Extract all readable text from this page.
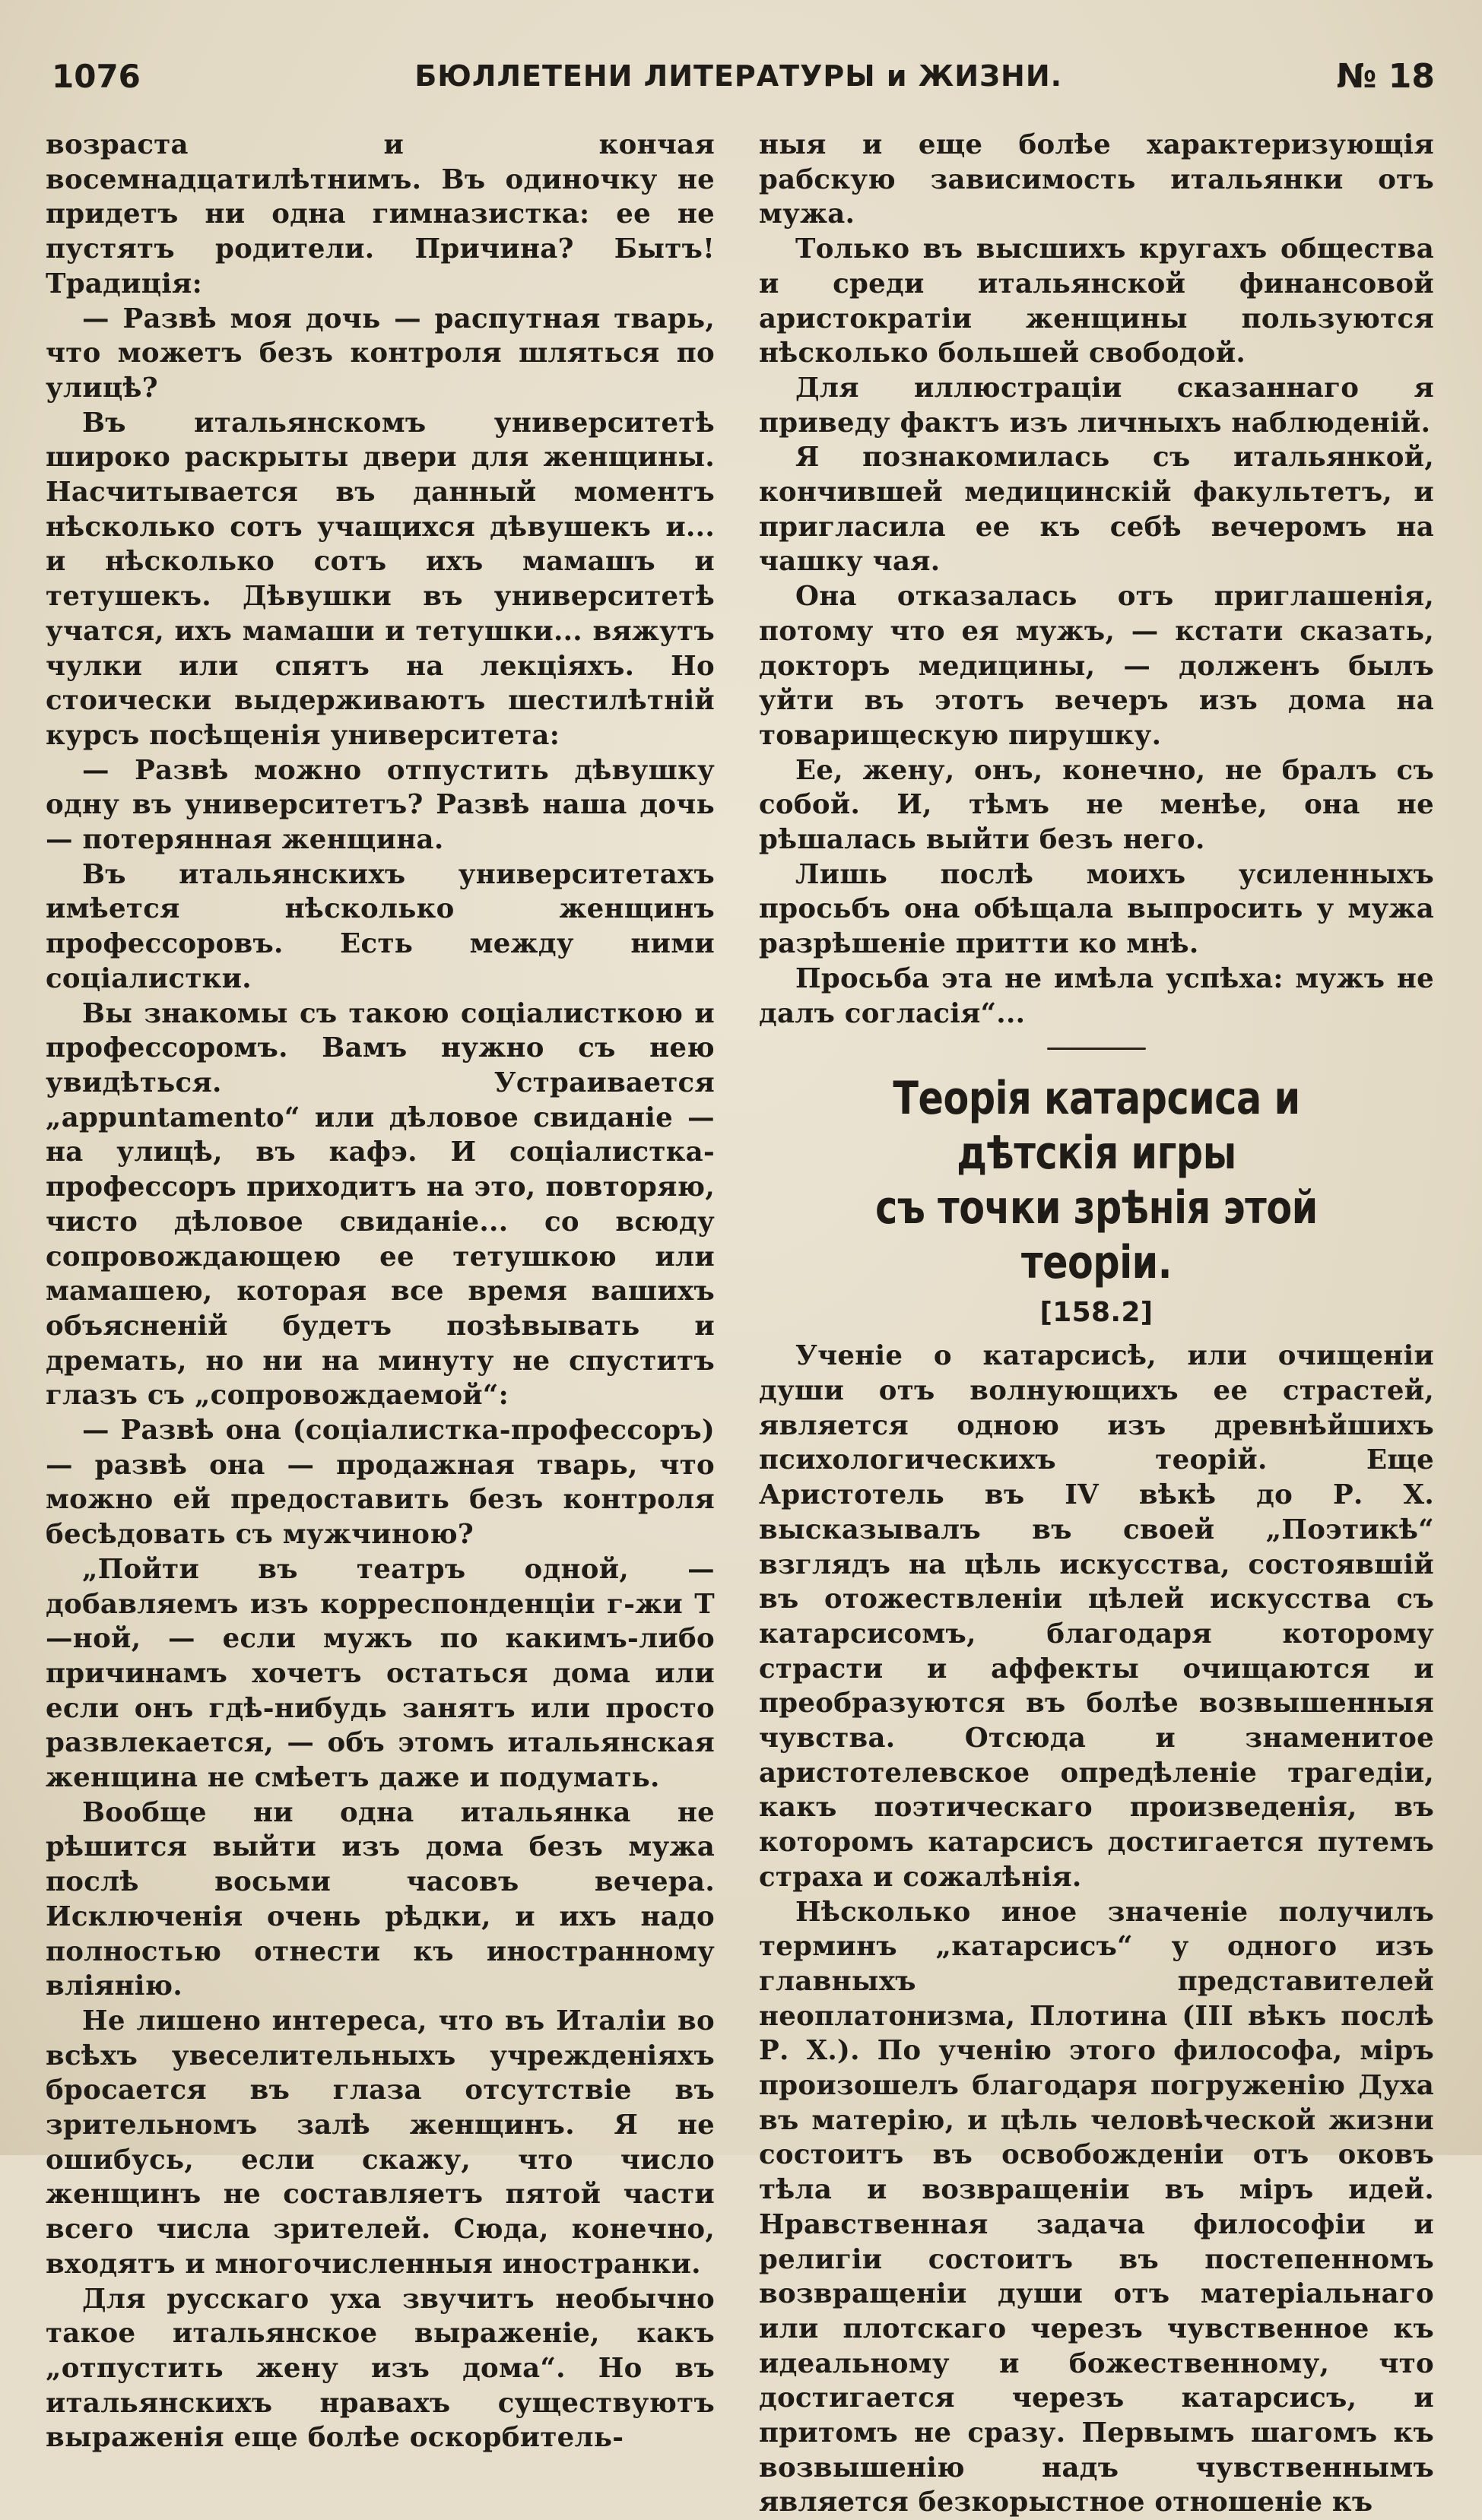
1076	БЮЛЛЕТЕНИ ЛИТЕРАТУРЫ и ЖИЗНИ.	№ 18

возраста и кончая восемнадцатилѣтнимъ. Въ одиночку не придетъ ни одна гимназистка: ее не пустятъ родители. Причина? Бытъ! Традиція:

— Развѣ моя дочь — распутная тварь, что можетъ безъ контроля шляться по улицѣ?

Въ итальянскомъ университетѣ широко раскрыты двери для женщины. Насчитывается въ данный моментъ нѣсколько сотъ учащихся дѣвушекъ и... и нѣсколько сотъ ихъ мамашъ и тетушекъ. Дѣвушки въ университетѣ учатся, ихъ мамаши и тетушки... вяжутъ чулки или спятъ на лекціяхъ. Но стоически выдерживаютъ шестилѣтній курсъ посѣщенія университета:

— Развѣ можно отпустить дѣвушку одну въ университетъ? Развѣ наша дочь — потерянная женщина.

Въ итальянскихъ университетахъ имѣется нѣсколько женщинъ профессоровъ. Есть между ними соціалистки.

Вы знакомы съ такою соціалисткою и профессоромъ. Вамъ нужно съ нею увидѣться. Устраивается „appuntamento“ или дѣловое свиданіе — на улицѣ, въ кафэ. И соціалистка-профессоръ приходитъ на это, повторяю, чисто дѣловое свиданіе... со всюду сопровождающею ее тетушкою или мамашею, которая все время вашихъ объясненій будетъ позѣвывать и дремать, но ни на минуту не спуститъ глазъ съ „сопровождаемой“:

— Развѣ она (соціалистка-профессоръ) — развѣ она — продажная тварь, что можно ей предоставить безъ контроля бесѣдовать съ мужчиною?

„Пойти въ театръ одной, — добавляемъ изъ корреспонденціи г-жи Т—ной, — если мужъ по какимъ-либо причинамъ хочетъ остаться дома или если онъ гдѣ-нибудь занятъ или просто развлекается, — объ этомъ итальянская женщина не смѣетъ даже и подумать.

Вообще ни одна итальянка не рѣшится выйти изъ дома безъ мужа послѣ восьми часовъ вечера. Исключенія очень рѣдки, и ихъ надо полностью отнести къ иностранному вліянію.

Не лишено интереса, что въ Италіи во всѣхъ увеселительныхъ учрежденіяхъ бросается въ глаза отсутствіе въ зрительномъ залѣ женщинъ. Я не ошибусь, если скажу, что число женщинъ не составляетъ пятой части всего числа зрителей. Сюда, конечно, входятъ и многочисленныя иностранки.

Для русскаго уха звучитъ необычно такое итальянское выраженіе, какъ „отпустить жену изъ дома“. Но въ итальянскихъ нравахъ существуютъ выраженія еще болѣе оскорбитель-

ныя и еще болѣе характеризующія рабскую зависимость итальянки отъ мужа.

Только въ высшихъ кругахъ общества и среди итальянской финансовой аристократіи женщины пользуются нѣсколько большей свободой.

Для иллюстраціи сказаннаго я приведу фактъ изъ личныхъ наблюденій.

Я познакомилась съ итальянкой, кончившей медицинскій факультетъ, и пригласила ее къ себѣ вечеромъ на чашку чая.

Она отказалась отъ приглашенія, потому что ея мужъ, — кстати сказать, докторъ медицины, — долженъ былъ уйти въ этотъ вечеръ изъ дома на товарищескую пирушку.

Ее, жену, онъ, конечно, не бралъ съ собой. И, тѣмъ не менѣе, она не рѣшалась выйти безъ него.

Лишь послѣ моихъ усиленныхъ просьбъ она обѣщала выпросить у мужа разрѣшеніе притти ко мнѣ.

Просьба эта не имѣла успѣха: мужъ не далъ согласія“...

Теорія катарсиса и дѣтскія игры
съ точки зрѣнія этой теоріи.
[158.2]

Ученіе о катарсисѣ, или очищеніи души отъ волнующихъ ее страстей, является одною изъ древнѣйшихъ психологическихъ теорій. Еще Аристотель въ IV вѣкѣ до Р. Х. высказывалъ въ своей „Поэтикѣ“ взглядъ на цѣль искусства, состоявшій въ отожествленіи цѣлей искусства съ катарсисомъ, благодаря которому страсти и аффекты очищаются и преобразуются въ болѣе возвышенныя чувства. Отсюда и знаменитое аристотелевское опредѣленіе трагедіи, какъ поэтическаго произведенія, въ которомъ катарсисъ достигается путемъ страха и сожалѣнія.

Нѣсколько иное значеніе получилъ терминъ „катарсисъ“ у одного изъ главныхъ представителей неоплатонизма, Плотина (III вѣкъ послѣ Р. Х.). По ученію этого философа, міръ произошелъ благодаря погруженію Духа въ матерію, и цѣль человѣческой жизни состоитъ въ освобожденіи отъ оковъ тѣла и возвращеніи въ міръ идей. Нравственная задача философіи и религіи состоитъ въ постепенномъ возвращеніи души отъ матеріальнаго или плотскаго черезъ чувственное къ идеальному и божественному, что достигается черезъ катарсисъ, и притомъ не сразу. Первымъ шагомъ къ возвышенію надъ чувственнымъ является безкорыстное отношеніе къ
